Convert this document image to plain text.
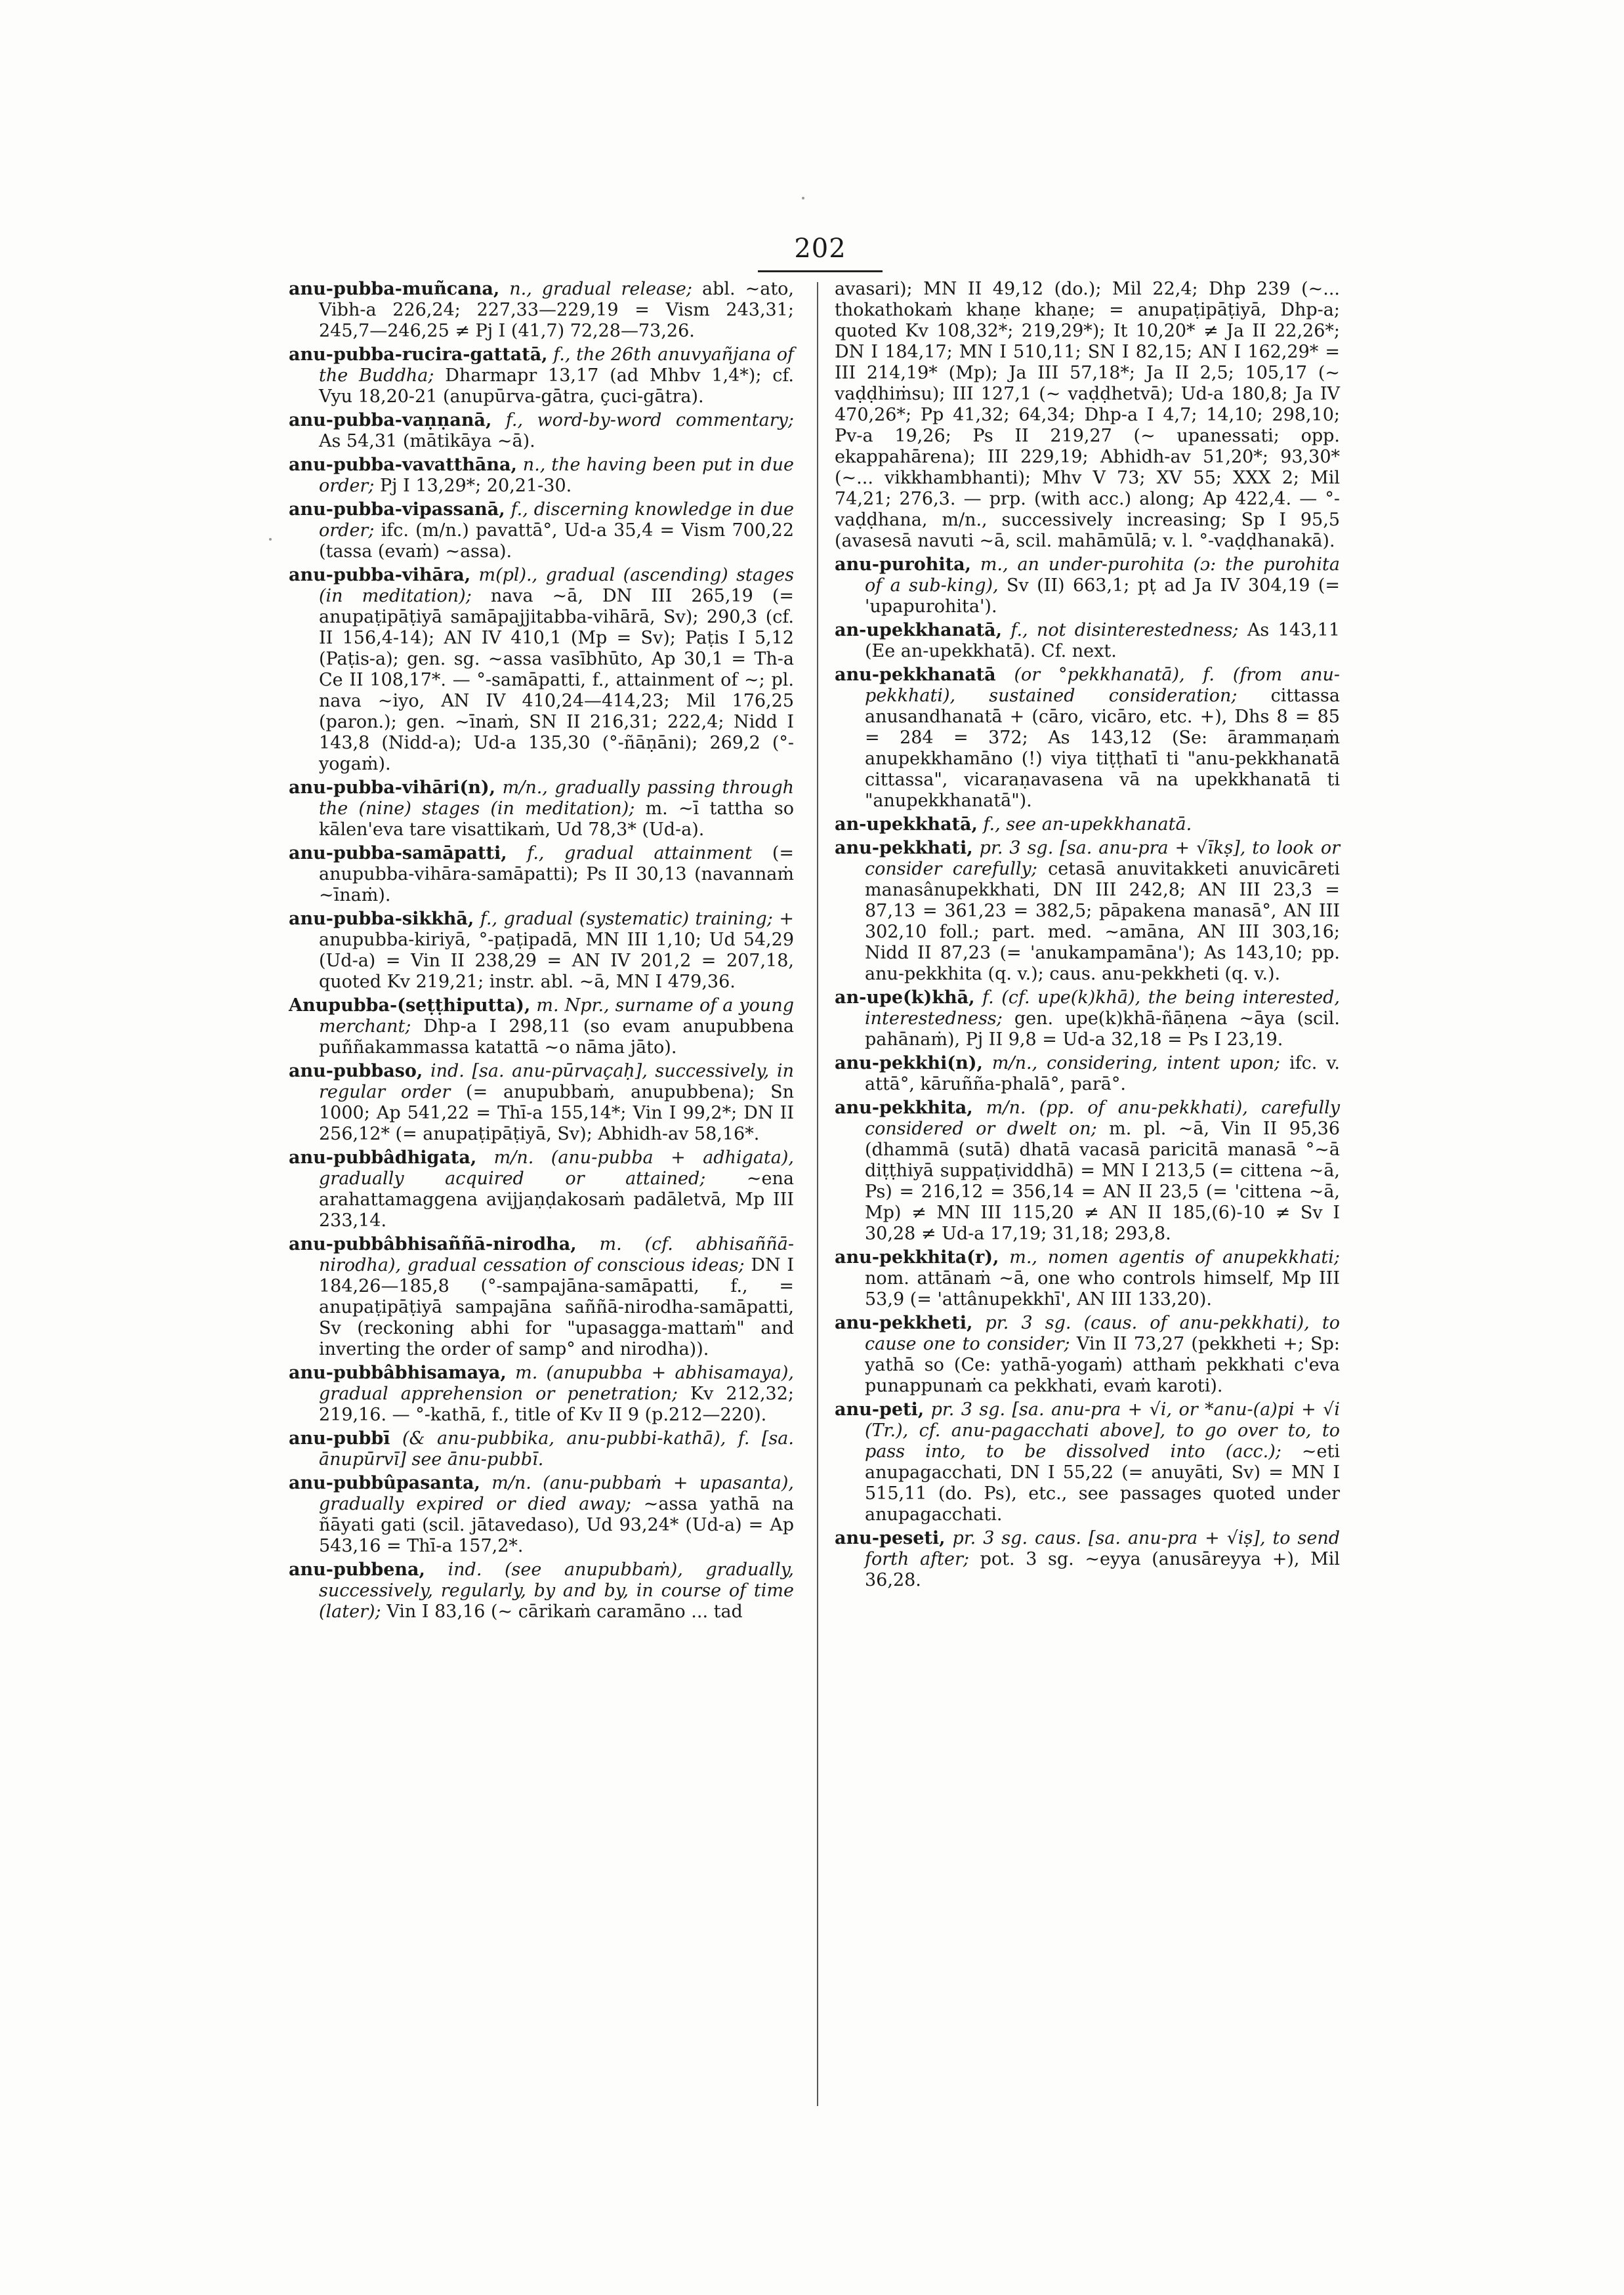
202

anu-pubba-muñcana, n., gradual release; abl. ~ato, Vibh-a 226,24; 227,33—229,19 = Vism 243,31; 245,7—246,25 ≠ Pj I (41,7) 72,28—73,26.

anu-pubba-rucira-gattatā, f., the 26th anuvyañjana of the Buddha; Dharmapr 13,17 (ad Mhbv 1,4*); cf. Vyu 18,20-21 (anupūrva-gātra, çuci-gātra).

anu-pubba-vaṇṇanā, f., word-by-word commentary; As 54,31 (mātikāya ~ā).

anu-pubba-vavatthāna, n., the having been put in due order; Pj I 13,29*; 20,21-30.

anu-pubba-vipassanā, f., discerning knowledge in due order; ifc. (m/n.) pavattā°, Ud-a 35,4 = Vism 700,22 (tassa (evaṁ) ~assa).

anu-pubba-vihāra, m(pl)., gradual (ascending) stages (in meditation); nava ~ā, DN III 265,19 (= anupaṭipāṭiyā samāpajjitabba-vihārā, Sv); 290,3 (cf. II 156,4-14); AN IV 410,1 (Mp = Sv); Paṭis I 5,12 (Paṭis-a); gen. sg. ~assa vasībhūto, Ap 30,1 = Th-a Ce II 108,17*. — °-samāpatti, f., attainment of ~; pl. nava ~iyo, AN IV 410,24—414,23; Mil 176,25 (paron.); gen. ~īnaṁ, SN II 216,31; 222,4; Nidd I 143,8 (Nidd-a); Ud-a 135,30 (°-ñāṇāni); 269,2 (°-yogaṁ).

anu-pubba-vihāri(n), m/n., gradually passing through the (nine) stages (in meditation); m. ~ī tattha so kālen'eva tare visattikaṁ, Ud 78,3* (Ud-a).

anu-pubba-samāpatti, f., gradual attainment (= anupubba-vihāra-samāpatti); Ps II 30,13 (navannaṁ ~īnaṁ).

anu-pubba-sikkhā, f., gradual (systematic) training; + anupubba-kiriyā, °-paṭipadā, MN III 1,10; Ud 54,29 (Ud-a) = Vin II 238,29 = AN IV 201,2 = 207,18, quoted Kv 219,21; instr. abl. ~ā, MN I 479,36.

Anupubba-(seṭṭhiputta), m. Npr., surname of a young merchant; Dhp-a I 298,11 (so evam anupubbena puññakammassa katattā ~o nāma jāto).

anu-pubbaso, ind. [sa. anu-pūrvaçaḥ], successively, in regular order (= anupubbaṁ, anupubbena); Sn 1000; Ap 541,22 = Thī-a 155,14*; Vin I 99,2*; DN II 256,12* (= anupaṭipāṭiyā, Sv); Abhidh-av 58,16*.

anu-pubbâdhigata, m/n. (anu-pubba + adhigata), gradually acquired or attained; ~ena arahattamaggena avijjaṇḍakosaṁ padāletvā, Mp III 233,14.

anu-pubbâbhisaññā-nirodha, m. (cf. abhisaññā-nirodha), gradual cessation of conscious ideas; DN I 184,26—185,8 (°-sampajāna-samāpatti, f., = anupaṭipāṭiyā sampajāna saññā-nirodha-samāpatti, Sv (reckoning abhi for "upasagga-mattaṁ" and inverting the order of samp° and nirodha)).

anu-pubbâbhisamaya, m. (anupubba + abhisamaya), gradual apprehension or penetration; Kv 212,32; 219,16. — °-kathā, f., title of Kv II 9 (p.212—220).

anu-pubbī (& anu-pubbika, anu-pubbi-kathā), f. [sa. ānupūrvī] see ānu-pubbī.

anu-pubbûpasanta, m/n. (anu-pubbaṁ + upasanta), gradually expired or died away; ~assa yathā na ñāyati gati (scil. jātavedaso), Ud 93,24* (Ud-a) = Ap 543,16 = Thī-a 157,2*.

anu-pubbena, ind. (see anupubbaṁ), gradually, successively, regularly, by and by, in course of time (later); Vin I 83,16 (~ cārikaṁ caramāno ... tad

avasari); MN II 49,12 (do.); Mil 22,4; Dhp 239 (~... thokathokaṁ khaṇe khaṇe; = anupaṭipāṭiyā, Dhp-a; quoted Kv 108,32*; 219,29*); It 10,20* ≠ Ja II 22,26*; DN I 184,17; MN I 510,11; SN I 82,15; AN I 162,29* = III 214,19* (Mp); Ja III 57,18*; Ja II 2,5; 105,17 (~ vaḍḍhiṁsu); III 127,1 (~ vaḍḍhetvā); Ud-a 180,8; Ja IV 470,26*; Pp 41,32; 64,34; Dhp-a I 4,7; 14,10; 298,10; Pv-a 19,26; Ps II 219,27 (~ upanessati; opp. ekappahārena); III 229,19; Abhidh-av 51,20*; 93,30* (~... vikkhambhanti); Mhv V 73; XV 55; XXX 2; Mil 74,21; 276,3. — prp. (with acc.) along; Ap 422,4. — °-vaḍḍhana, m/n., successively increasing; Sp I 95,5 (avasesā navuti ~ā, scil. mahāmūlā; v. l. °-vaḍḍhanakā).

anu-purohita, m., an under-purohita (ɔ: the purohita of a sub-king), Sv (II) 663,1; pṭ ad Ja IV 304,19 (= 'upapurohita').

an-upekkhanatā, f., not disinterestedness; As 143,11 (Ee an-upekkhatā). Cf. next.

anu-pekkhanatā (or °pekkhanatā), f. (from anu-pekkhati), sustained consideration; cittassa anusandhanatā + (cāro, vicāro, etc. +), Dhs 8 = 85 = 284 = 372; As 143,12 (Se: ārammaṇaṁ anupekkhamāno (!) viya tiṭṭhatī ti "anu-pekkhanatā cittassa", vicaraṇavasena vā na upekkhanatā ti "anupekkhanatā").

an-upekkhatā, f., see an-upekkhanatā.

anu-pekkhati, pr. 3 sg. [sa. anu-pra + √īkṣ], to look or consider carefully; cetasā anuvitakketi anuvicāreti manasânupekkhati, DN III 242,8; AN III 23,3 = 87,13 = 361,23 = 382,5; pāpakena manasā°, AN III 302,10 foll.; part. med. ~amāna, AN III 303,16; Nidd II 87,23 (= 'anukampamāna'); As 143,10; pp. anu-pekkhita (q. v.); caus. anu-pekkheti (q. v.).

an-upe(k)khā, f. (cf. upe(k)khā), the being interested, interestedness; gen. upe(k)khā-ñāṇena ~āya (scil. pahānaṁ), Pj II 9,8 = Ud-a 32,18 = Ps I 23,19.

anu-pekkhi(n), m/n., considering, intent upon; ifc. v. attā°, kāruñña-phalā°, parā°.

anu-pekkhita, m/n. (pp. of anu-pekkhati), carefully considered or dwelt on; m. pl. ~ā, Vin II 95,36 (dhammā (sutā) dhatā vacasā paricitā manasā °~ā diṭṭhiyā suppaṭividdhā) = MN I 213,5 (= cittena ~ā, Ps) = 216,12 = 356,14 = AN II 23,5 (= 'cittena ~ā, Mp) ≠ MN III 115,20 ≠ AN II 185,(6)-10 ≠ Sv I 30,28 ≠ Ud-a 17,19; 31,18; 293,8.

anu-pekkhita(r), m., nomen agentis of anupekkhati; nom. attānaṁ ~ā, one who controls himself, Mp III 53,9 (= 'attânupekkhī', AN III 133,20).

anu-pekkheti, pr. 3 sg. (caus. of anu-pekkhati), to cause one to consider; Vin II 73,27 (pekkheti +; Sp: yathā so (Ce: yathā-yogaṁ) atthaṁ pekkhati c'eva punappunaṁ ca pekkhati, evaṁ karoti).

anu-peti, pr. 3 sg. [sa. anu-pra + √i, or *anu-(a)pi + √i (Tr.), cf. anu-pagacchati above], to go over to, to pass into, to be dissolved into (acc.); ~eti anupagacchati, DN I 55,22 (= anuyāti, Sv) = MN I 515,11 (do. Ps), etc., see passages quoted under anupagacchati.

anu-peseti, pr. 3 sg. caus. [sa. anu-pra + √iṣ], to send forth after; pot. 3 sg. ~eyya (anusāreyya +), Mil 36,28.
